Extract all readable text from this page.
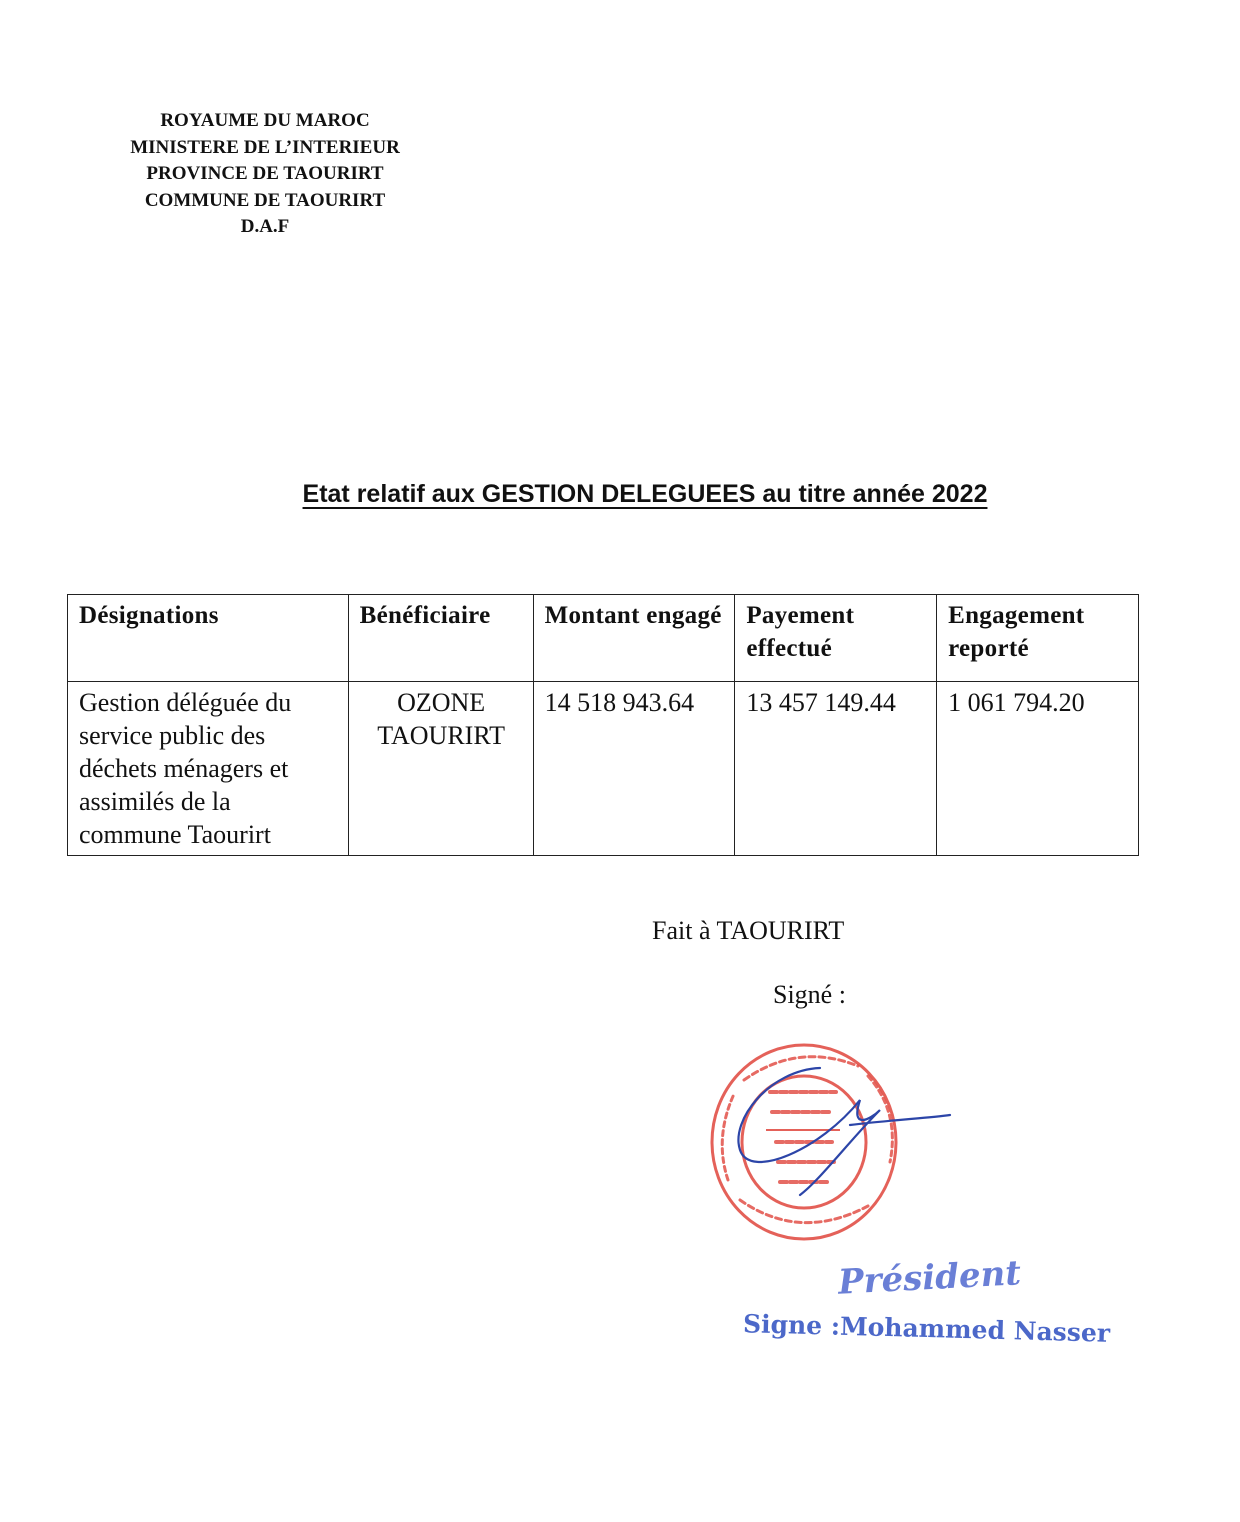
ROYAUME DU MAROC
MINISTERE DE L’INTERIEUR
PROVINCE DE TAOURIRT
COMMUNE DE TAOURIRT
D.A.F
Etat relatif aux GESTION DELEGUEES au titre année 2022
Désignations	Bénéficiaire	Montant engagé	Payement effectué	Engagement reporté
Gestion déléguée du service public des déchets ménagers et assimilés de la commune Taourirt	OZONE TAOURIRT	14 518 943.64	13 457 149.44	1 061 794.20
Fait à TAOURIRT
Signé :
Président
Signe :Mohammed Nasser
